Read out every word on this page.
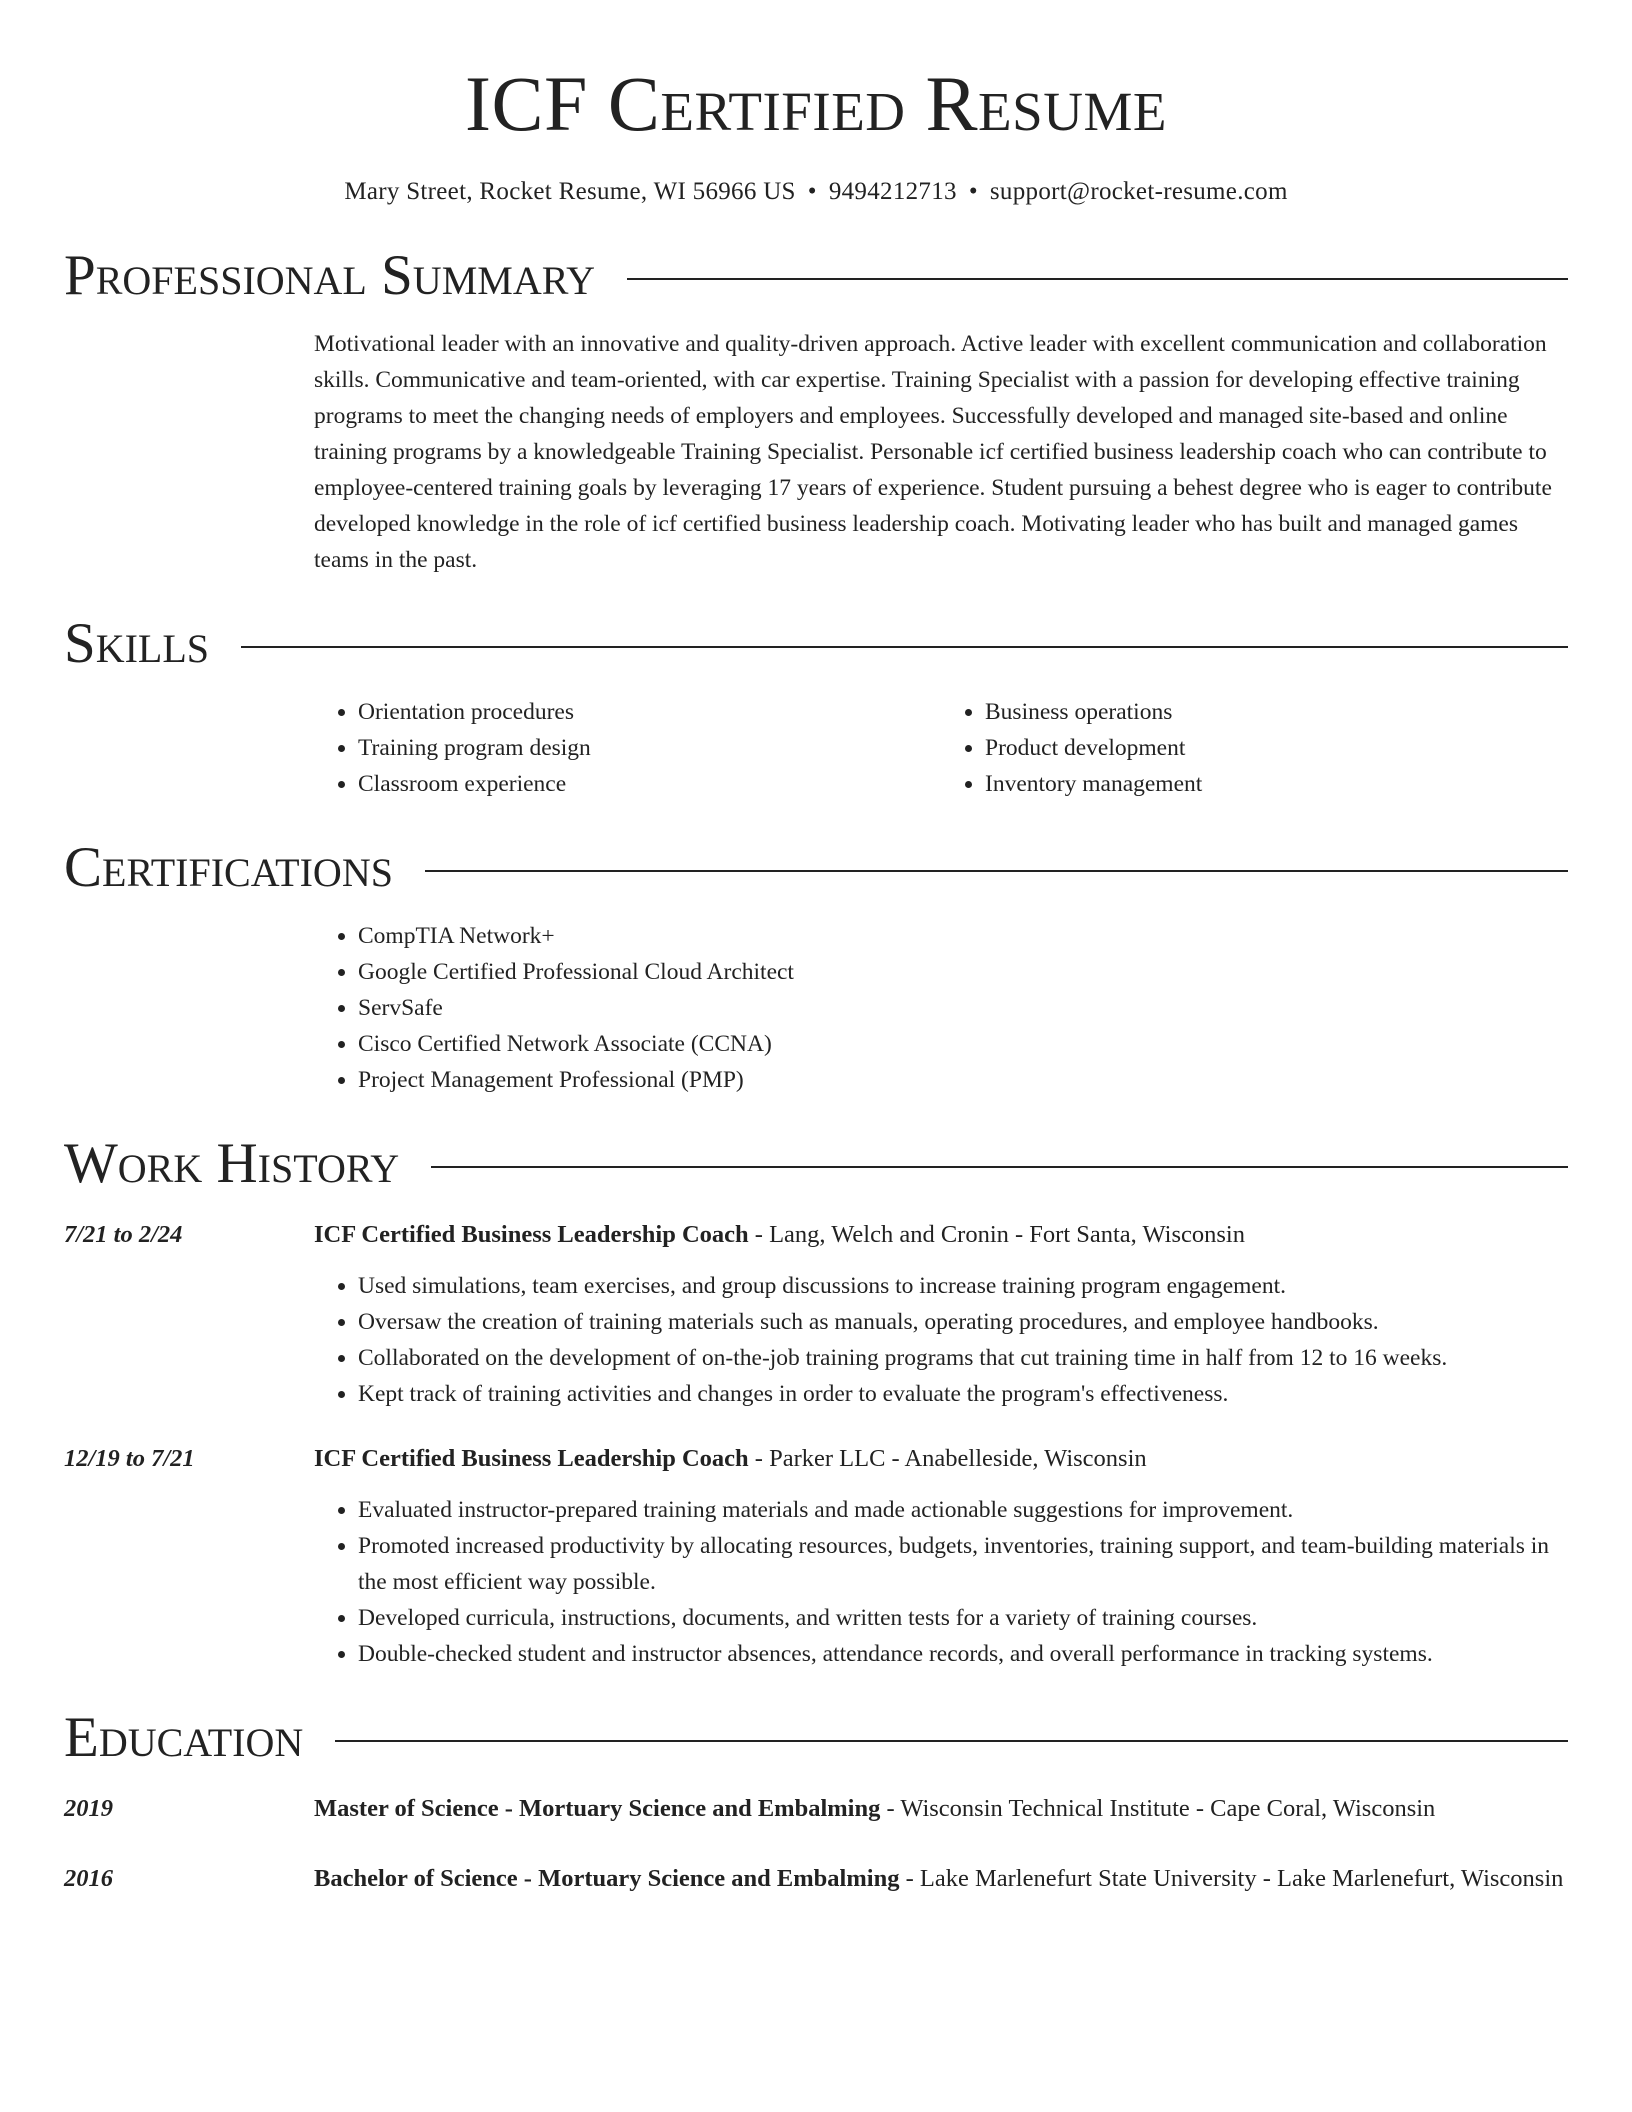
ICF Certified Resume
Mary Street, Rocket Resume, WI 56966 US • 9494212713 • support@rocket-resume.com
Professional Summary
Motivational leader with an innovative and quality-driven approach. Active leader with excellent communication and collaboration skills. Communicative and team-oriented, with car expertise. Training Specialist with a passion for developing effective training programs to meet the changing needs of employers and employees. Successfully developed and managed site-based and online training programs by a knowledgeable Training Specialist. Personable icf certified business leadership coach who can contribute to employee-centered training goals by leveraging 17 years of experience. Student pursuing a behest degree who is eager to contribute developed knowledge in the role of icf certified business leadership coach. Motivating leader who has built and managed games teams in the past.
Skills
• Orientation procedures
• Training program design
• Classroom experience
• Business operations
• Product development
• Inventory management
Certifications
• CompTIA Network+
• Google Certified Professional Cloud Architect
• ServSafe
• Cisco Certified Network Associate (CCNA)
• Project Management Professional (PMP)
Work History
7/21 to 2/24	ICF Certified Business Leadership Coach - Lang, Welch and Cronin - Fort Santa, Wisconsin
• Used simulations, team exercises, and group discussions to increase training program engagement.
• Oversaw the creation of training materials such as manuals, operating procedures, and employee handbooks.
• Collaborated on the development of on-the-job training programs that cut training time in half from 12 to 16 weeks.
• Kept track of training activities and changes in order to evaluate the program's effectiveness.
12/19 to 7/21	ICF Certified Business Leadership Coach - Parker LLC - Anabelleside, Wisconsin
• Evaluated instructor-prepared training materials and made actionable suggestions for improvement.
• Promoted increased productivity by allocating resources, budgets, inventories, training support, and team-building materials in the most efficient way possible.
• Developed curricula, instructions, documents, and written tests for a variety of training courses.
• Double-checked student and instructor absences, attendance records, and overall performance in tracking systems.
Education
2019	Master of Science - Mortuary Science and Embalming - Wisconsin Technical Institute - Cape Coral, Wisconsin
2016	Bachelor of Science - Mortuary Science and Embalming - Lake Marlenefurt State University - Lake Marlenefurt, Wisconsin
